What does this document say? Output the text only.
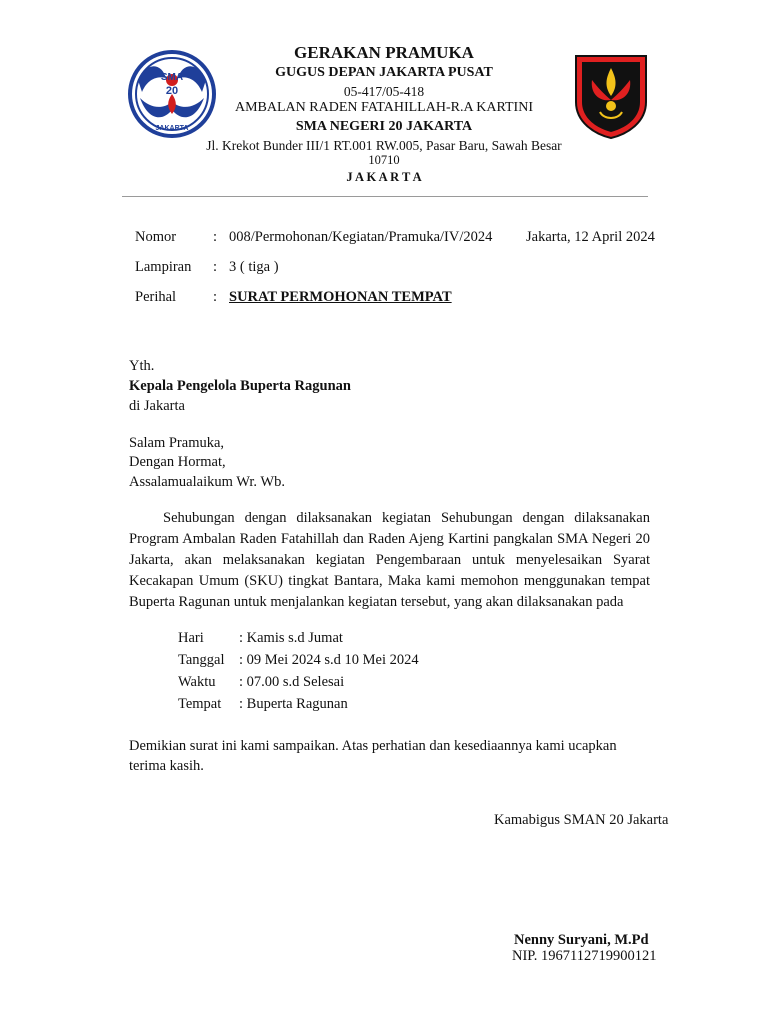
SMA
20
JAKARTA
GERAKAN PRAMUKA
GUGUS DEPAN JAKARTA PUSAT
05-417/05-418
AMBALAN RADEN FATAHILLAH-R.A KARTINI
SMA NEGERI 20 JAKARTA
Jl. Krekot Bunder III/1 RT.001 RW.005, Pasar Baru, Sawah Besar
10710
J A K A R T A
Nomor	: 008/Permohonan/Kegiatan/Pramuka/IV/2024 Jakarta, 12 April 2024
Lampiran : 3 ( tiga )
Perihal	: SURAT PERMOHONAN TEMPAT
Yth.
Kepala Pengelola Buperta Ragunan
di Jakarta
Salam Pramuka,
Dengan Hormat,
Assalamualaikum Wr. Wb.
Sehubungan dengan dilaksanakan kegiatan Sehubungan dengan dilaksanakan Program Ambalan Raden Fatahillah dan Raden Ajeng Kartini pangkalan SMA Negeri 20 Jakarta, akan melaksanakan kegiatan Pengembaraan untuk menyelesaikan Syarat Kecakapan Umum (SKU) tingkat Bantara, Maka kami memohon menggunakan tempat Buperta Ragunan untuk menjalankan kegiatan tersebut, yang akan dilaksanakan pada
Hari : Kamis s.d Jumat
Tanggal : 09 Mei 2024 s.d 10 Mei 2024
Waktu : 07.00 s.d Selesai
Tempat : Buperta Ragunan
Demikian surat ini kami sampaikan. Atas perhatian dan kesediaannya kami ucapkan
terima kasih.
Kamabigus SMAN 20 Jakarta
Nenny Suryani, M.Pd
NIP. 1967112719900121
